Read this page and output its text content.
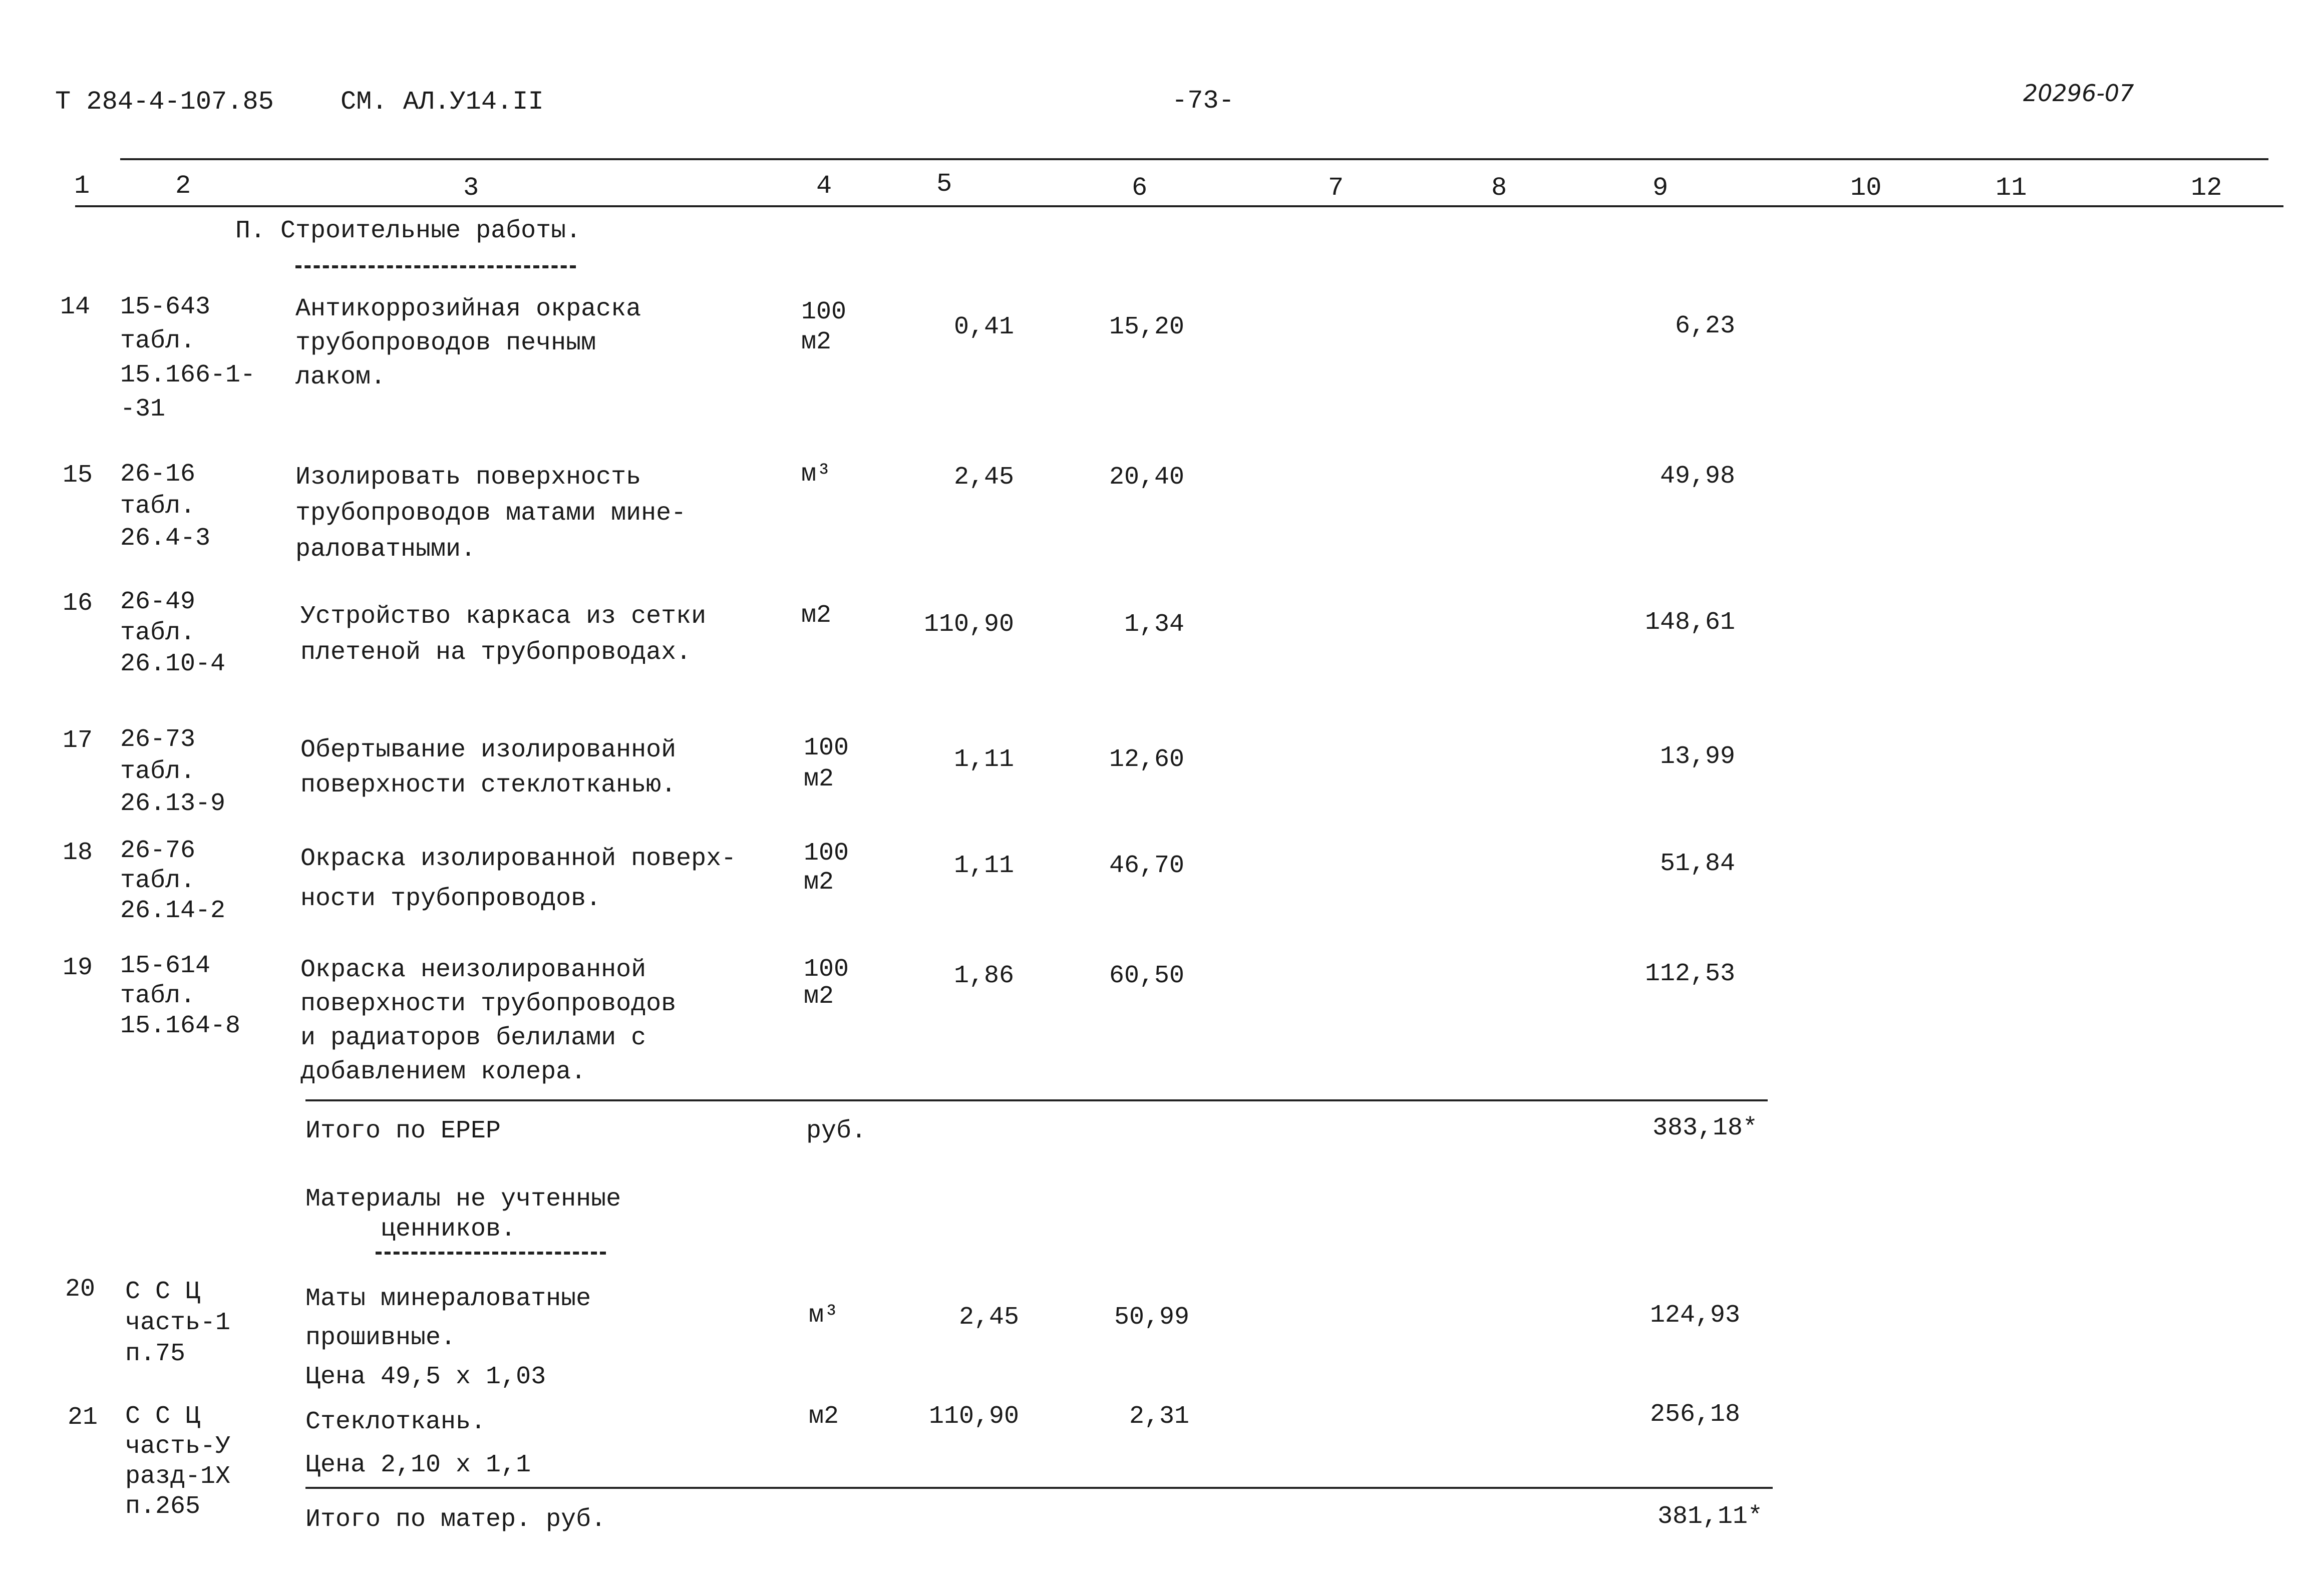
Т 284-4-107.85	СМ. АЛ.У14.II	-73-	20296-07
1	2	3	4	5	6	7	8	9	10	11	12
П. Строительные работы.
14 15-643
табл.
15.166-1-
-31
Антикоррозийная окраска
трубопроводов печным
лаком.
100
м2
0,41	15,20	6,23
15 26-16
табл.
26.4-3
Изолировать поверхность
трубопроводов матами мине-
раловатными.
м³	2,45	20,40	49,98
16 26-49
табл.
26.10-4
Устройство каркаса из сетки
плетеной на трубопроводах.
м2	110,90	1,34	148,61
17 26-73
табл.
26.13-9
Обертывание изолированной
поверхности стеклотканью.
100
м2
1,11	12,60	13,99
18 26-76
табл.
26.14-2
Окраска изолированной поверх-
ности трубопроводов.
100
м2
1,11	46,70	51,84
19 15-614
табл.
15.164-8
Окраска неизолированной
поверхности трубопроводов
и радиаторов белилами с
добавлением колера.
100
м2
1,86	60,50	112,53
Итого по ЕРЕР	руб.	383,18*
Материалы не учтенные
ценников.
20 С С Ц
часть-1
п.75
Маты минераловатные
прошивные.
Цена 49,5 х 1,03
м³	2,45	50,99	124,93
21 С С Ц
часть-У
разд-1Х
п.265
Стеклоткань.
Цена 2,10 х 1,1
м2	110,90	2,31	256,18
Итого по матер. руб.	381,11*
